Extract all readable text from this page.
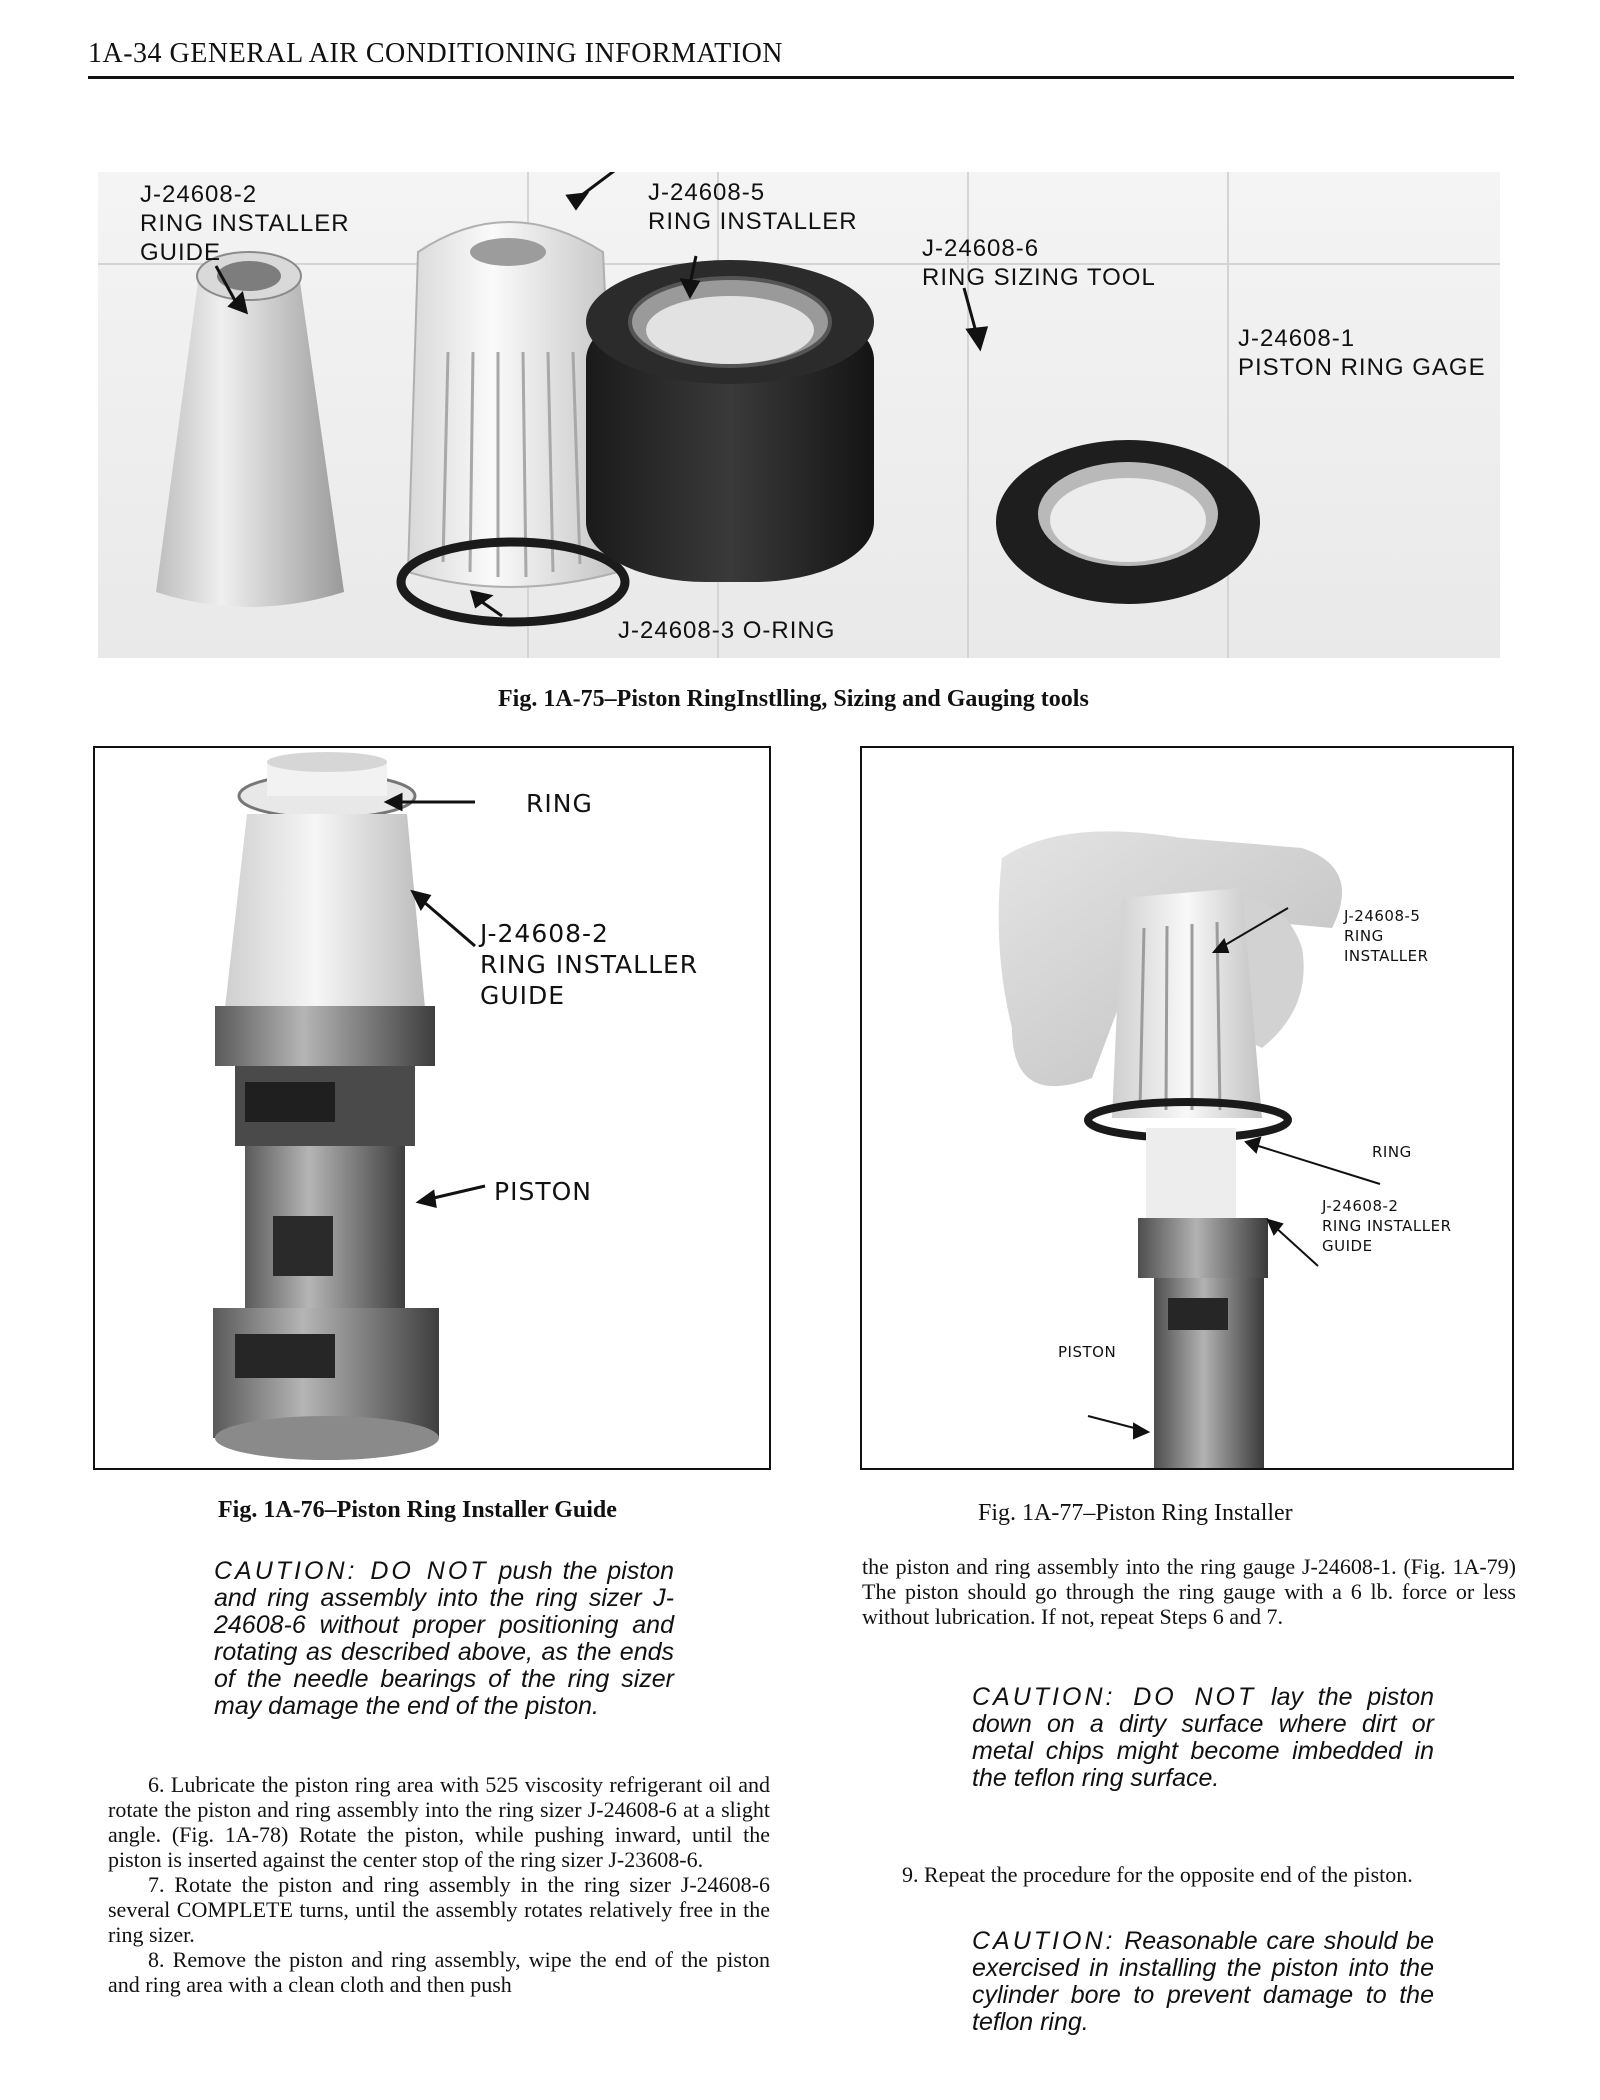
1A-34 GENERAL AIR CONDITIONING INFORMATION
J-24608-2
RING INSTALLER
GUIDE
J-24608-5
RING INSTALLER
J-24608-6
RING SIZING TOOL
J-24608-1
PISTON RING GAGE
J-24608-3 O-RING
Fig. 1A-75–Piston RingInstlling, Sizing and Gauging tools
RING
J-24608-2
RING INSTALLER
GUIDE
PISTON
Fig. 1A-76–Piston Ring Installer Guide
J-24608-5
RING
INSTALLER
RING
J-24608-2
RING INSTALLER
GUIDE
PISTON
Fig. 1A-77–Piston Ring Installer
CAUTION: DO NOT push the piston and ring assembly into the ring sizer J-24608-6 without proper positioning and rotating as described above, as the ends of the needle bearings of the ring sizer may damage the end of the piston.

6. Lubricate the piston ring area with 525 viscosity refrigerant oil and rotate the piston and ring assembly into the ring sizer J-24608-6 at a slight angle. (Fig. 1A-78) Rotate the piston, while pushing inward, until the piston is inserted against the center stop of the ring sizer J-23608-6.

7. Rotate the piston and ring assembly in the ring sizer J-24608-6 several COMPLETE turns, until the assembly rotates relatively free in the ring sizer.

8. Remove the piston and ring assembly, wipe the end of the piston and ring area with a clean cloth and then push

the piston and ring assembly into the ring gauge J-24608-1. (Fig. 1A-79) The piston should go through the ring gauge with a 6 lb. force or less without lubrication. If not, repeat Steps 6 and 7.

CAUTION: DO NOT lay the piston down on a dirty surface where dirt or metal chips might become imbedded in the teflon ring surface.

9. Repeat the procedure for the opposite end of the piston.

CAUTION: Reasonable care should be exercised in installing the piston into the cylinder bore to prevent damage to the teflon ring.
